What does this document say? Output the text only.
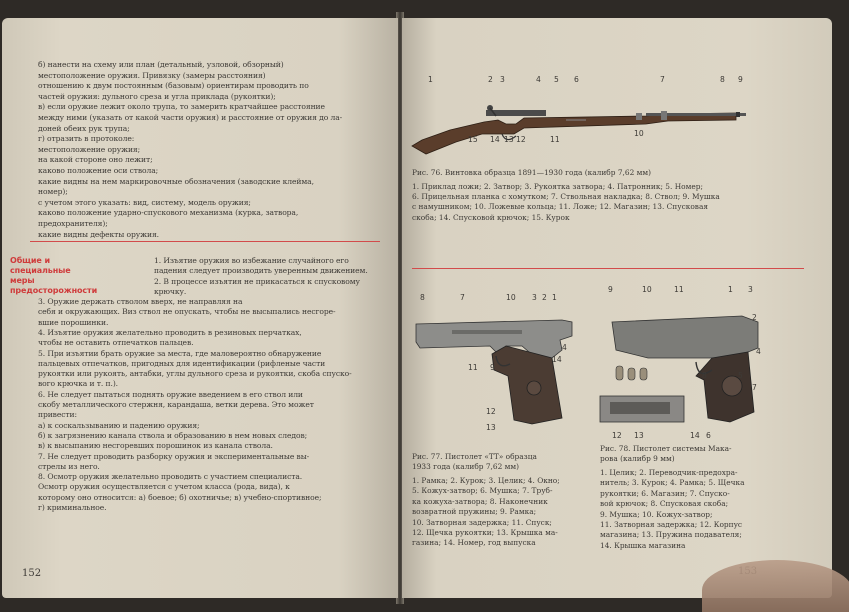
б) нанести на схему или план (детальный, узловой, обзорный)
местоположение оружия. Привязку (замеры расстояния)
отношению к двум постоянным (базовым) ориентирам проводить по
частей оружия: дульного среза и угла приклада (рукоятки);
в) если оружие лежит около трупа, то замерить кратчайшее расстояние
между ними (указать от какой части оружия) и расстояние от оружия до ла-
доней обеих рук трупа;
г) отразить в протоколе:
местоположение оружия;
на какой стороне оно лежит;
каково положение оси ствола;
какие видны на нем маркировочные обозначения (заводские клейма,
номер);
с учетом этого указать: вид, систему, модель оружия;
каково положение ударно-спускового механизма (курка, затвора,
предохранителя);
какие видны дефекты оружия.
Общие и
специальные
меры
предосторожности
1. Изъятие оружия во избежание случайного его
падения следует производить уверенным движением.
2. В процессе изъятия не прикасаться к спусковому
крючку.
3. Оружие держать стволом вверх, не направляя на
себя и окружающих. Виз ствол не опускать, чтобы не высыпались несгоре-
вшие порошинки.
4. Изъятие оружия желательно проводить в резиновых перчатках,
чтобы не оставить отпечатков пальцев.
5. При изъятии брать оружие за места, где маловероятно обнаружение
пальцевых отпечатков, пригодных для идентификации (рифленые части
рукоятки или рукоять, антабки, углы дульного среза и рукоятки, скоба спуско-
вого крючка и т. п.).
6. Не следует пытаться поднять оружие введением в его ствол или
скобу металлического стержня, карандаша, ветки дерева. Это может
привести:
а) к соскальзыванию и падению оружия;
б) к загрязнению канала ствола и образованию в нем новых следов;
в) к высыпанию несгоревших порошинок из канала ствола.
7. Не следует проводить разборку оружия и экспериментальные вы-
стрелы из него.
8. Осмотр оружия желательно проводить с участием специалиста.
Осмотр оружия осуществляется с учетом класса (рода, вида), к
которому оно относится: а) боевое; б) охотничье; в) учебно-спортивное;
г) криминальное.
152
1	2 3	4 5 6	7	8 9
15 14 13 12	11
10
Рис. 76. Винтовка образца 1891—1930 года (калибр 7,62 мм)
1. Приклад ложи; 2. Затвор; 3. Рукоятка затвора; 4. Патронник; 5. Номер;
6. Прицельная планка с хомутком; 7. Ствольная накладка; 8. Ствол; 9. Мушка
с намушником; 10. Ложевые кольца; 11. Ложе; 12. Магазин; 13. Спусковая
скоба; 14. Спусковой крючок; 15. Курок
8	7	10 3 2 1
4
14
11 9
12
13
9	10	11	1 3
2
4
5
7
8
12 13	14 6
Рис. 77. Пистолет «ТТ» образца
1933 года (калибр 7,62 мм)
1. Рамка; 2. Курок; 3. Целик; 4. Окно;
5. Кожух-затвор; 6. Мушка; 7. Труб-
ка кожуха-затвора; 8. Наконечник
возвратной пружины; 9. Рамка;
10. Затворная задержка; 11. Спуск;
12. Щечка рукоятки; 13. Крышка ма-
газина; 14. Номер, год выпуска
Рис. 78. Пистолет системы Мака-
рова (калибр 9 мм)
1. Целик; 2. Переводчик-предохра-
нитель; 3. Курок; 4. Рамка; 5. Щечка
рукоятки; 6. Магазин; 7. Спуско-
вой крючок; 8. Спусковая скоба;
9. Мушка; 10. Кожух-затвор;
11. Затворная задержка; 12. Корпус
магазина; 13. Пружина подавателя;
14. Крышка магазина
